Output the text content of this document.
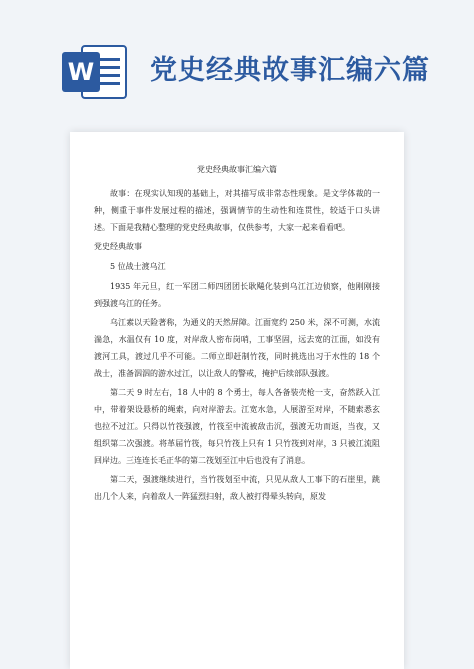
W 党史经典故事汇编六篇
党史经典故事汇编六篇

故事：在现实认知现的基础上，对其描写成非常态性现象。是文学体裁的一种，侧重于事件发展过程的描述，强调情节的生动性和连贯性，较适于口头讲述。下面是我精心整理的党史经典故事，仅供参考，大家一起来看看吧。

党史经典故事
5 位战士渡乌江

1935 年元旦，红一军团二师四团团长耿飚化装到乌江江边侦察，他刚刚接到强渡乌江的任务。

乌江素以天险著称，为通义的天然屏障。江面宽约 250 米，深不可测，水流湍急，水温仅有 10 度，对岸敌人密布岗哨，工事坚固，远去宽的江面，如没有渡河工具，渡过几乎不可能。二师立即赶制竹筏，同时挑选出习于水性的 18 个战士，准备泅泅的游水过江，以让敌人的警戒，掩护后续部队强渡。

第二天 9 时左右，18 人中的 8 个勇士，每人各备装壳枪一支，奋然跃入江中，带着架设悬桥的绳索，向对岸游去。江宽水急，人展游至对岸，不随索悉玄也拉不过江。只得以竹筏强渡，竹筏至中流被敌击沉，强渡无功而返，当夜，又组织第二次强渡。将革届竹筏，每只竹筏上只有 1 只竹筏到对岸，3 只被江流阻回岸边。三连连长毛正华的第二筏划至江中后也没有了消息。

第二天，强渡继续进行，当竹筏划至中流，只见从敌人工事下的石崖里，跳出几个人来，向着敌人一阵猛烈扫射，敌人被打得晕头转向，原发
